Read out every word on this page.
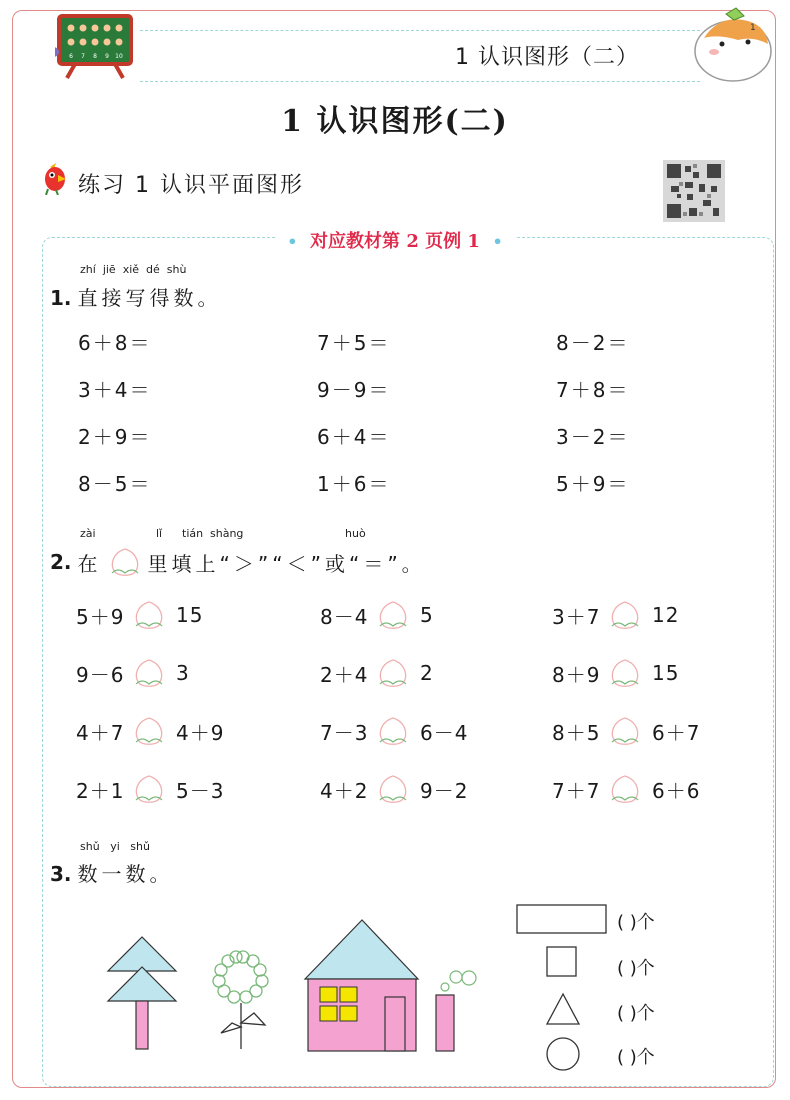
6 7 8 9 10	1 认识图形（二）
1
1 认识图形(二)
练习 1 认识平面图形
• 对应教材第 2 页例 1 •
zhí jiē xiě dé shù
1. 直接写得数。
6＋8＝	7＋5＝	8－2＝
3＋4＝	9－9＝	7＋8＝
2＋9＝	6＋4＝	3－2＝
8－5＝	1＋6＝	5＋9＝
zài	lǐ tián shàng	huò
2. 在 里填上“＞”“＜”或“＝”。
5＋9	15	8－4	5	3＋7	12
9－6	3	2＋4	2	8＋9	15
4＋7	4＋9	7－3	6－4	8＋5	6＋7
2＋1	5－3	4＋2	9－2	7＋7	6＋6
shǔ yi shǔ
3. 数一数。
( )个
( )个
( )个
( )个
